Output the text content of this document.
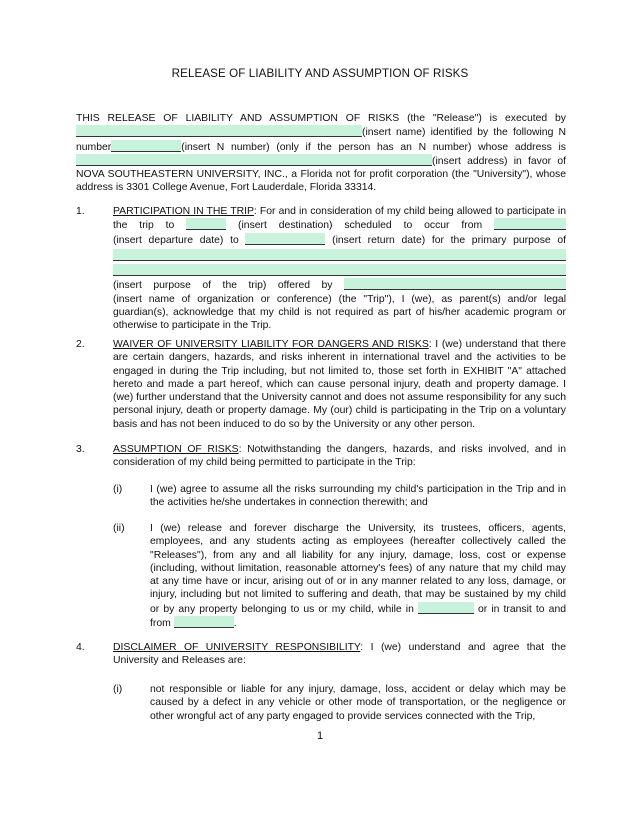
RELEASE OF LIABILITY AND ASSUMPTION OF RISKS
THIS RELEASE OF LIABILITY AND ASSUMPTION OF RISKS (the "Release") is executed by
(insert name) identified by the following N
number	(insert N number) (only if the person has an N number) whose address is
(insert address) in favor of
NOVA SOUTHEASTERN UNIVERSITY, INC., a Florida not for profit corporation (the "University"), whose address is 3301 College Avenue, Fort Lauderdale, Florida 33314.
1.	PARTICIPATION IN THE TRIP: For and in consideration of my child being allowed to participate in the trip to	(insert destination) scheduled to occur from
(insert departure date) to	(insert return date) for the primary purpose of
(insert purpose of the trip) offered by
(insert name of organization or conference) (the "Trip"), I (we), as parent(s) and/or legal guardian(s), acknowledge that my child is not required as part of his/her academic program or otherwise to participate in the Trip.
2.	WAIVER OF UNIVERSITY LIABILITY FOR DANGERS AND RISKS: I (we) understand that there are certain dangers, hazards, and risks inherent in international travel and the activities to be engaged in during the Trip including, but not limited to, those set forth in EXHIBIT "A" attached hereto and made a part hereof, which can cause personal injury, death and property damage. I (we) further understand that the University cannot and does not assume responsibility for any such personal injury, death or property damage. My (our) child is participating in the Trip on a voluntary basis and has not been induced to do so by the University or any other person.
3.	ASSUMPTION OF RISKS: Notwithstanding the dangers, hazards, and risks involved, and in consideration of my child being permitted to participate in the Trip:
(i)	I (we) agree to assume all the risks surrounding my child's participation in the Trip and in the activities he/she undertakes in connection therewith; and
(ii) I (we) release and forever discharge the University, its trustees, officers, agents, employees, and any students acting as employees (hereafter collectively called the "Releases"), from any and all liability for any injury, damage, loss, cost or expense (including, without limitation, reasonable attorney's fees) of any nature that my child may at any time have or incur, arising out of or in any manner related to any loss, damage, or injury, including but not limited to suffering and death, that may be sustained by my child or by any property belonging to us or my child, while in	or in transit to and from	.
4.	DISCLAIMER OF UNIVERSITY RESPONSIBILITY: I (we) understand and agree that the University and Releases are:
(i)	not responsible or liable for any injury, damage, loss, accident or delay which may be caused by a defect in any vehicle or other mode of transportation, or the negligence or other wrongful act of any party engaged to provide services connected with the Trip,
1
